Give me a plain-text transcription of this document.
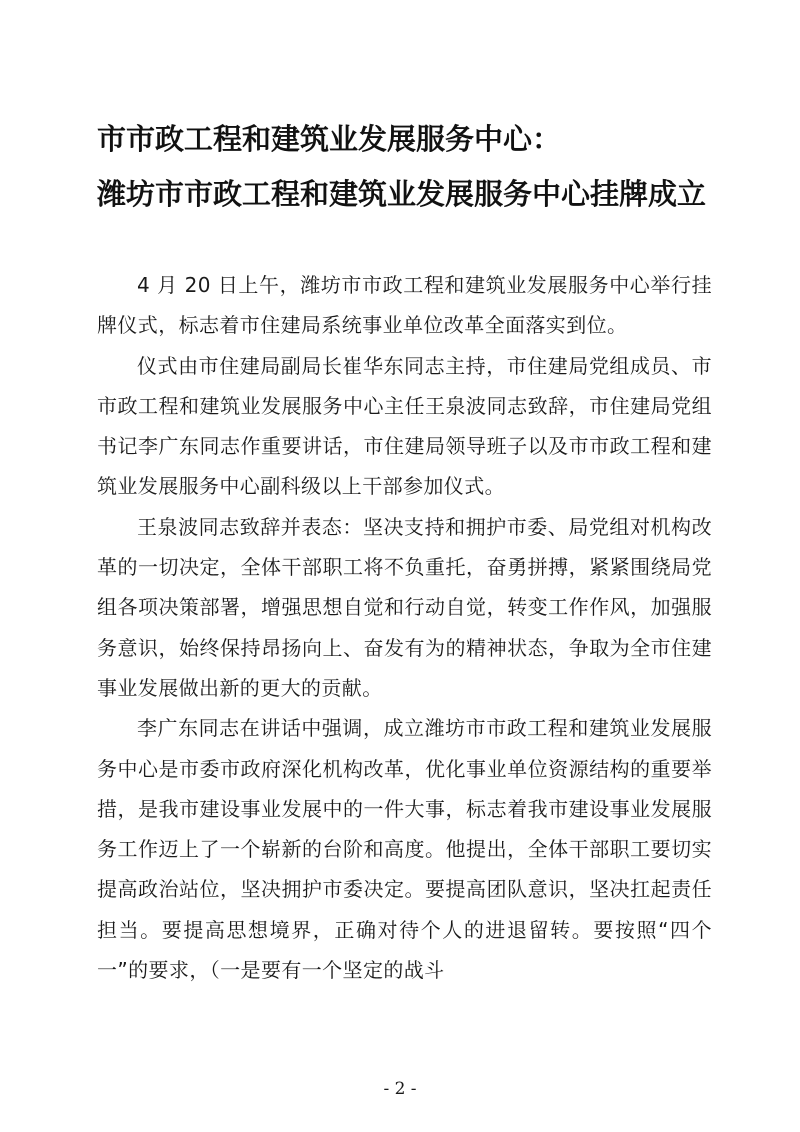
市市政工程和建筑业发展服务中心：
潍坊市市政工程和建筑业发展服务中心挂牌成立

4 月 20 日上午，潍坊市市政工程和建筑业发展服务中心举行挂牌仪式，标志着市住建局系统事业单位改革全面落实到位。

仪式由市住建局副局长崔华东同志主持，市住建局党组成员、市市政工程和建筑业发展服务中心主任王泉波同志致辞，市住建局党组书记李广东同志作重要讲话，市住建局领导班子以及市市政工程和建筑业发展服务中心副科级以上干部参加仪式。

王泉波同志致辞并表态：坚决支持和拥护市委、局党组对机构改革的一切决定，全体干部职工将不负重托，奋勇拼搏，紧紧围绕局党组各项决策部署，增强思想自觉和行动自觉，转变工作作风，加强服务意识，始终保持昂扬向上、奋发有为的精神状态，争取为全市住建事业发展做出新的更大的贡献。

李广东同志在讲话中强调，成立潍坊市市政工程和建筑业发展服务中心是市委市政府深化机构改革，优化事业单位资源结构的重要举措，是我市建设事业发展中的一件大事，标志着我市建设事业发展服务工作迈上了一个崭新的台阶和高度。他提出，全体干部职工要切实提高政治站位，坚决拥护市委决定。要提高团队意识，坚决扛起责任担当。要提高思想境界，正确对待个人的进退留转。要按照“四个一”的要求，（一是要有一个坚定的战斗

- 2 -
